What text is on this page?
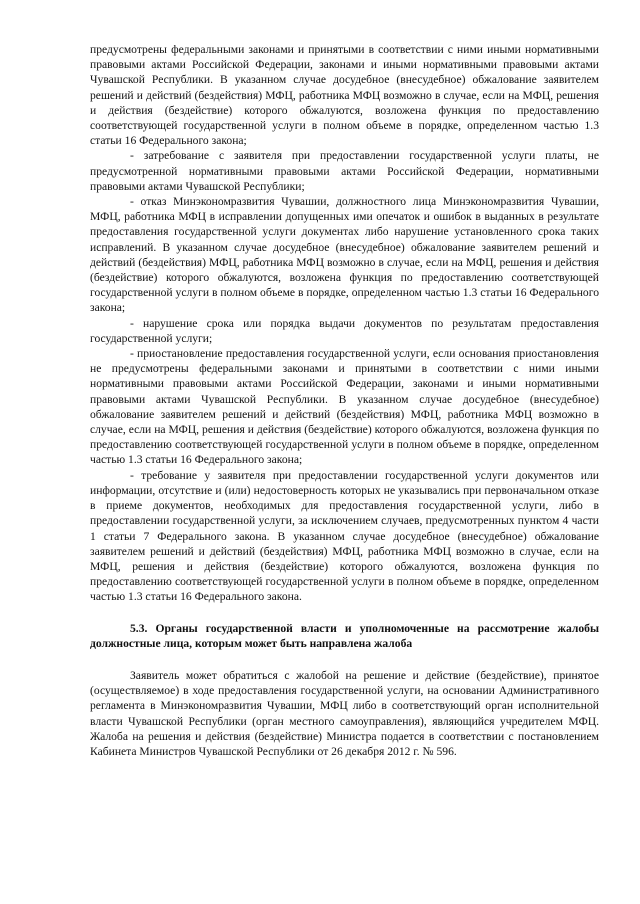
предусмотрены федеральными законами и принятыми в соответствии с ними иными нормативными правовыми актами Российской Федерации, законами и иными нормативными правовыми актами Чувашской Республики. В указанном случае досудебное (внесудебное) обжалование заявителем решений и действий (бездействия) МФЦ, работника МФЦ возможно в случае, если на МФЦ, решения и действия (бездействие) которого обжалуются, возложена функция по предоставлению соответствующей государственной услуги в полном объеме в порядке, определенном частью 1.3 статьи 16 Федерального закона;

- затребование с заявителя при предоставлении государственной услуги платы, не предусмотренной нормативными правовыми актами Российской Федерации, нормативными правовыми актами Чувашской Республики;

- отказ Минэкономразвития Чувашии, должностного лица Минэкономразвития Чувашии, МФЦ, работника МФЦ в исправлении допущенных ими опечаток и ошибок в выданных в результате предоставления государственной услуги документах либо нарушение установленного срока таких исправлений. В указанном случае досудебное (внесудебное) обжалование заявителем решений и действий (бездействия) МФЦ, работника МФЦ возможно в случае, если на МФЦ, решения и действия (бездействие) которого обжалуются, возложена функция по предоставлению соответствующей государственной услуги в полном объеме в порядке, определенном частью 1.3 статьи 16 Федерального закона;

- нарушение срока или порядка выдачи документов по результатам предоставления государственной услуги;

- приостановление предоставления государственной услуги, если основания приостановления не предусмотрены федеральными законами и принятыми в соответствии с ними иными нормативными правовыми актами Российской Федерации, законами и иными нормативными правовыми актами Чувашской Республики. В указанном случае досудебное (внесудебное) обжалование заявителем решений и действий (бездействия) МФЦ, работника МФЦ возможно в случае, если на МФЦ, решения и действия (бездействие) которого обжалуются, возложена функция по предоставлению соответствующей государственной услуги в полном объеме в порядке, определенном частью 1.3 статьи 16 Федерального закона;

- требование у заявителя при предоставлении государственной услуги документов или информации, отсутствие и (или) недостоверность которых не указывались при первоначальном отказе в приеме документов, необходимых для предоставления государственной услуги, либо в предоставлении государственной услуги, за исключением случаев, предусмотренных пунктом 4 части 1 статьи 7 Федерального закона. В указанном случае досудебное (внесудебное) обжалование заявителем решений и действий (бездействия) МФЦ, работника МФЦ возможно в случае, если на МФЦ, решения и действия (бездействие) которого обжалуются, возложена функция по предоставлению соответствующей государственной услуги в полном объеме в порядке, определенном частью 1.3 статьи 16 Федерального закона.

5.3. Органы государственной власти и уполномоченные на рассмотрение жалобы должностные лица, которым может быть направлена жалоба

Заявитель может обратиться с жалобой на решение и действие (бездействие), принятое (осуществляемое) в ходе предоставления государственной услуги, на основании Административного регламента в Минэкономразвития Чувашии, МФЦ либо в соответствующий орган исполнительной власти Чувашской Республики (орган местного самоуправления), являющийся учредителем МФЦ. Жалоба на решения и действия (бездействие) Министра подается в соответствии с постановлением Кабинета Министров Чувашской Республики от 26 декабря 2012 г. № 596.
